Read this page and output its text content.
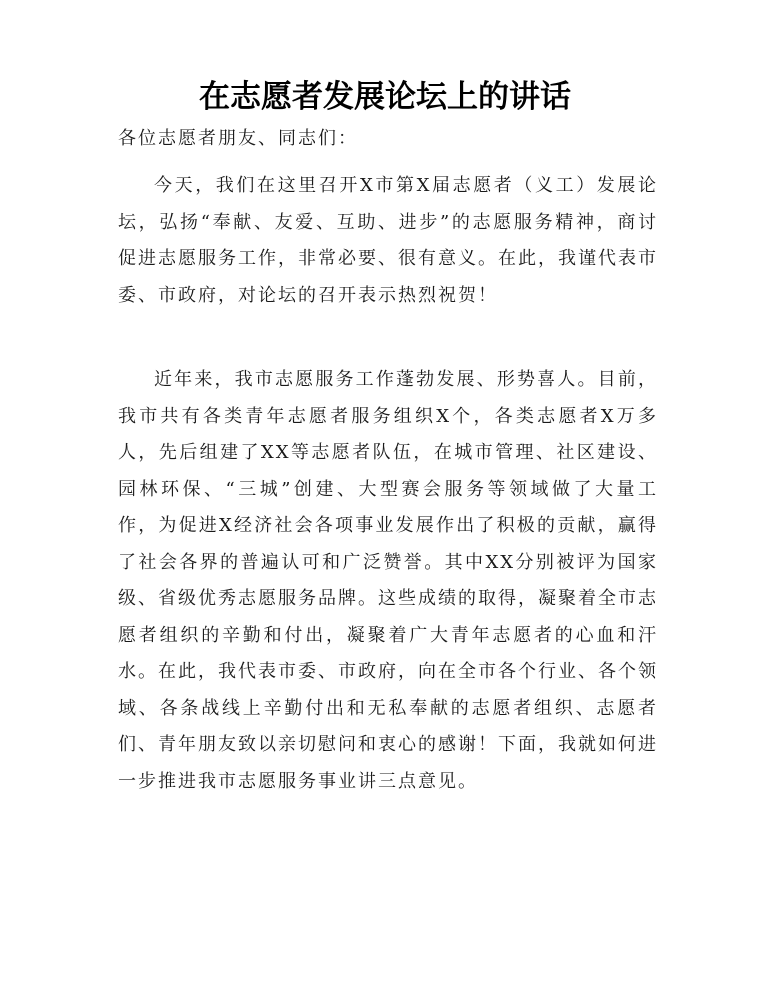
在志愿者发展论坛上的讲话
各位志愿者朋友、同志们：

今天，我们在这里召开X市第X届志愿者（义工）发展论坛，弘扬“奉献、友爱、互助、进步”的志愿服务精神，商讨促进志愿服务工作，非常必要、很有意义。在此，我谨代表市委、市政府，对论坛的召开表示热烈祝贺！

近年来，我市志愿服务工作蓬勃发展、形势喜人。目前，我市共有各类青年志愿者服务组织X个，各类志愿者X万多人，先后组建了XX等志愿者队伍，在城市管理、社区建设、园林环保、“三城”创建、大型赛会服务等领域做了大量工作，为促进X经济社会各项事业发展作出了积极的贡献，赢得了社会各界的普遍认可和广泛赞誉。其中XX分别被评为国家级、省级优秀志愿服务品牌。这些成绩的取得，凝聚着全市志愿者组织的辛勤和付出，凝聚着广大青年志愿者的心血和汗水。在此，我代表市委、市政府，向在全市各个行业、各个领域、各条战线上辛勤付出和无私奉献的志愿者组织、志愿者们、青年朋友致以亲切慰问和衷心的感谢！下面，我就如何进一步推进我市志愿服务事业讲三点意见。
